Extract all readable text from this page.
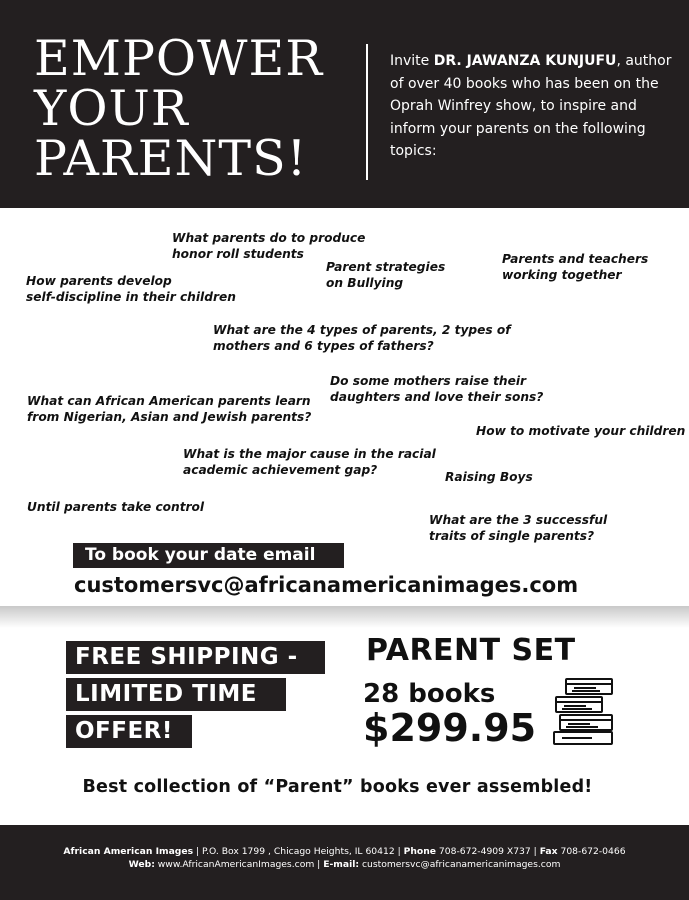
EMPOWER
YOUR
PARENTS!
Invite DR. JAWANZA KUNJUFU, author of over 40 books who has been on the Oprah Winfrey show, to inspire and inform your parents on the following topics:
What parents do to produce
honor roll students
Parent strategies
on Bullying
Parents and teachers
working together
How parents develop
self-discipline in their children
What are the 4 types of parents, 2 types of
mothers and 6 types of fathers?
Do some mothers raise their
daughters and love their sons?
What can African American parents learn
from Nigerian, Asian and Jewish parents?
How to motivate your children
What is the major cause in the racial
academic achievement gap?
Raising Boys
Until parents take control
What are the 3 successful
traits of single parents?
To book your date email
customersvc@africanamericanimages.com
FREE SHIPPING -
LIMITED TIME
OFFER!
PARENT SET
28 books
$299.95
Best collection of “Parent” books ever assembled!
African American Images | P.O. Box 1799 , Chicago Heights, IL 60412 | Phone 708-672-4909 X737 | Fax 708-672-0466
Web: www.AfricanAmericanImages.com | E-mail: customersvc@africanamericanimages.com
